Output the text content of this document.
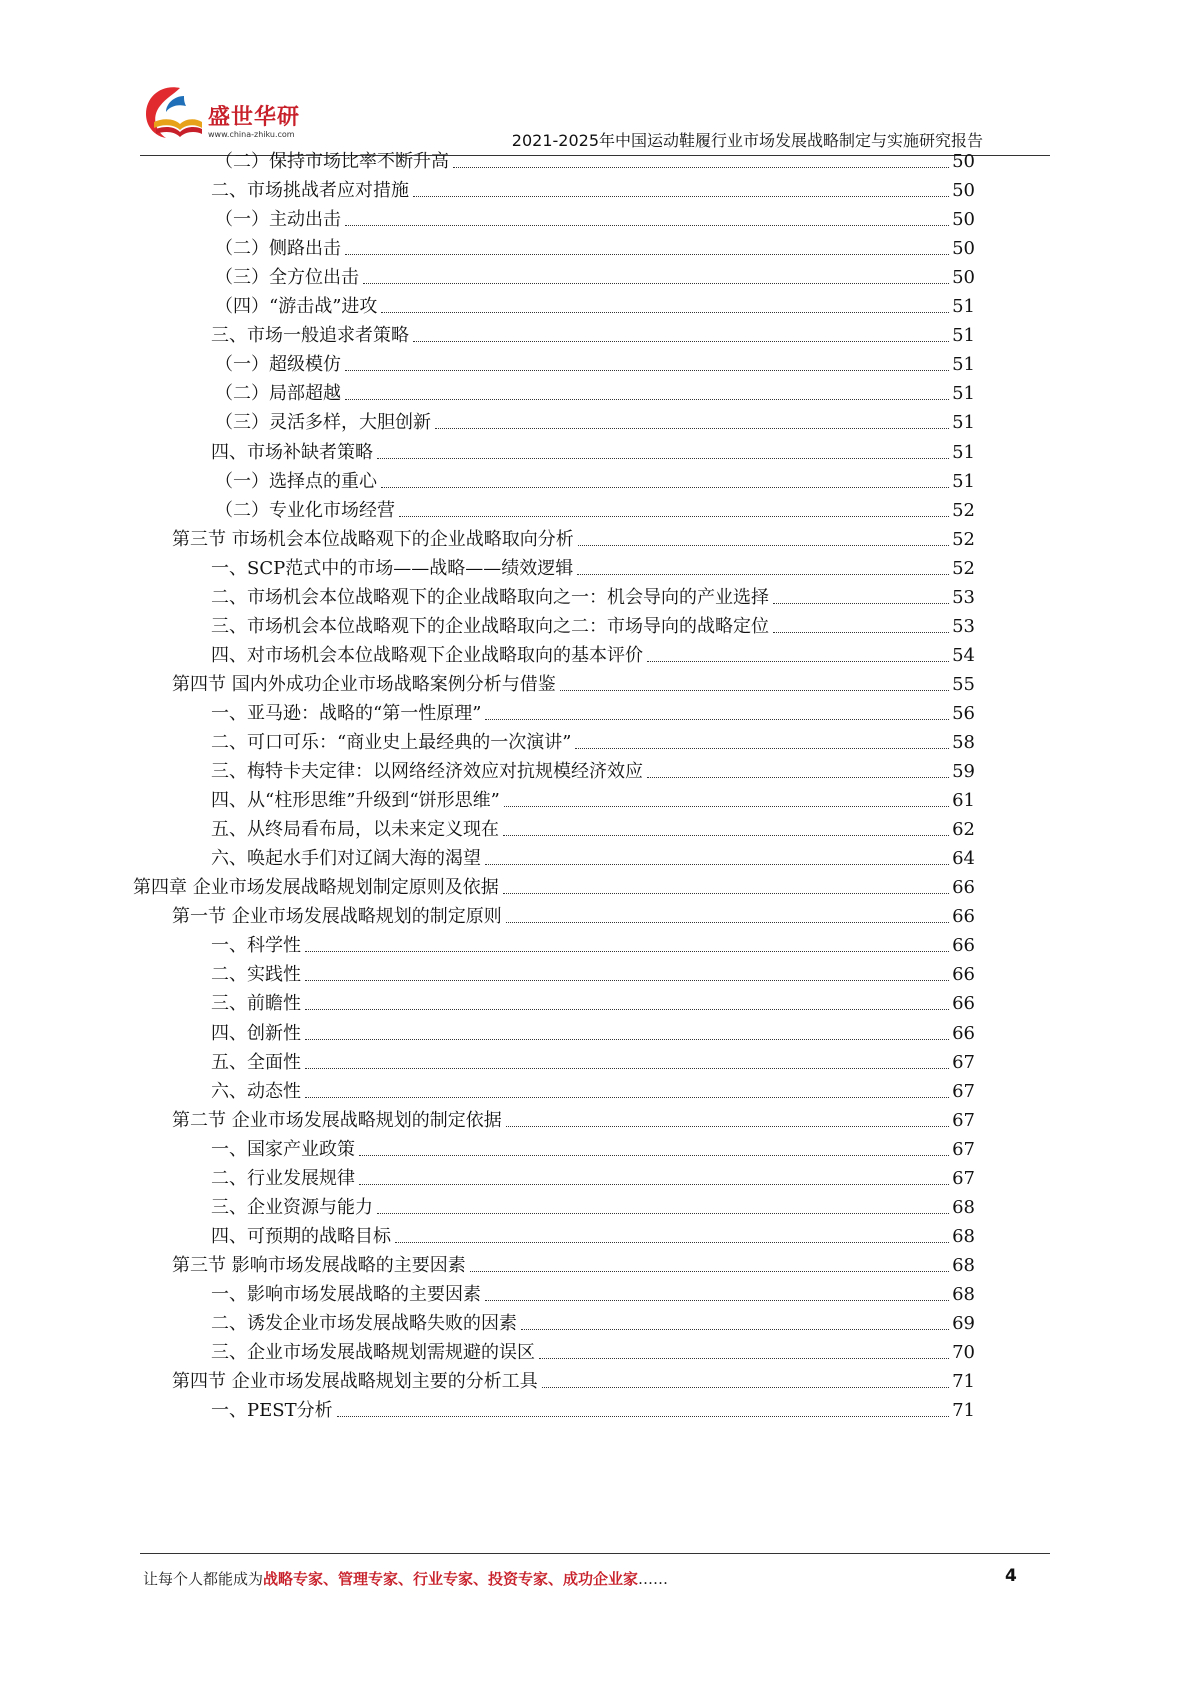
盛世华研
www.china-zhiku.com	2021-2025年中国运动鞋履行业市场发展战略制定与实施研究报告
（二）保持市场比率不断升高	50
二、市场挑战者应对措施	50
（一）主动出击	50
（二）侧路出击	50
（三）全方位出击	50
（四）“游击战”进攻	51
三、市场一般追求者策略	51
（一）超级模仿	51
（二）局部超越	51
（三）灵活多样，大胆创新	51
四、市场补缺者策略	51
（一）选择点的重心	51
（二）专业化市场经营	52
第三节 市场机会本位战略观下的企业战略取向分析	52
一、SCP范式中的市场——战略——绩效逻辑	52
二、市场机会本位战略观下的企业战略取向之一：机会导向的产业选择	53
三、市场机会本位战略观下的企业战略取向之二：市场导向的战略定位	53
四、对市场机会本位战略观下企业战略取向的基本评价	54
第四节 国内外成功企业市场战略案例分析与借鉴	55
一、亚马逊：战略的“第一性原理”	56
二、可口可乐：“商业史上最经典的一次演讲”	58
三、梅特卡夫定律：以网络经济效应对抗规模经济效应	59
四、从“柱形思维”升级到“饼形思维”	61
五、从终局看布局，以未来定义现在	62
六、唤起水手们对辽阔大海的渴望	64
第四章 企业市场发展战略规划制定原则及依据	66
第一节 企业市场发展战略规划的制定原则	66
一、科学性	66
二、实践性	66
三、前瞻性	66
四、创新性	66
五、全面性	67
六、动态性	67
第二节 企业市场发展战略规划的制定依据	67
一、国家产业政策	67
二、行业发展规律	67
三、企业资源与能力	68
四、可预期的战略目标	68
第三节 影响市场发展战略的主要因素	68
一、影响市场发展战略的主要因素	68
二、诱发企业市场发展战略失败的因素	69
三、企业市场发展战略规划需规避的误区	70
第四节 企业市场发展战略规划主要的分析工具	71
一、PEST分析	71
让每个人都能成为战略专家、管理专家、行业专家、投资专家、成功企业家……	4
